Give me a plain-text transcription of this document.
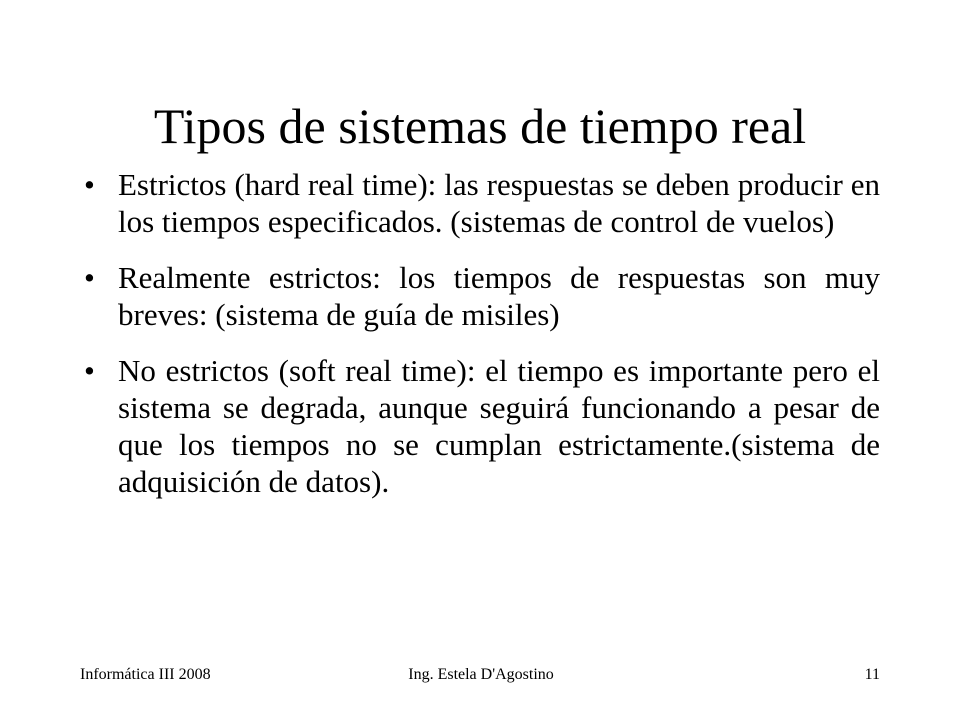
Tipos de sistemas de tiempo real
• Estrictos (hard real time): las respuestas se deben producir en los tiempos especificados. (sistemas de control de vuelos)
• Realmente estrictos: los tiempos de respuestas son muy breves: (sistema de guía de misiles)
• No estrictos (soft real time): el tiempo es importante pero el sistema se degrada, aunque seguirá funcionando a pesar de que los tiempos no se cumplan estrictamente.(sistema de adquisición de datos).
Informática III 2008	Ing. Estela D'Agostino	11
